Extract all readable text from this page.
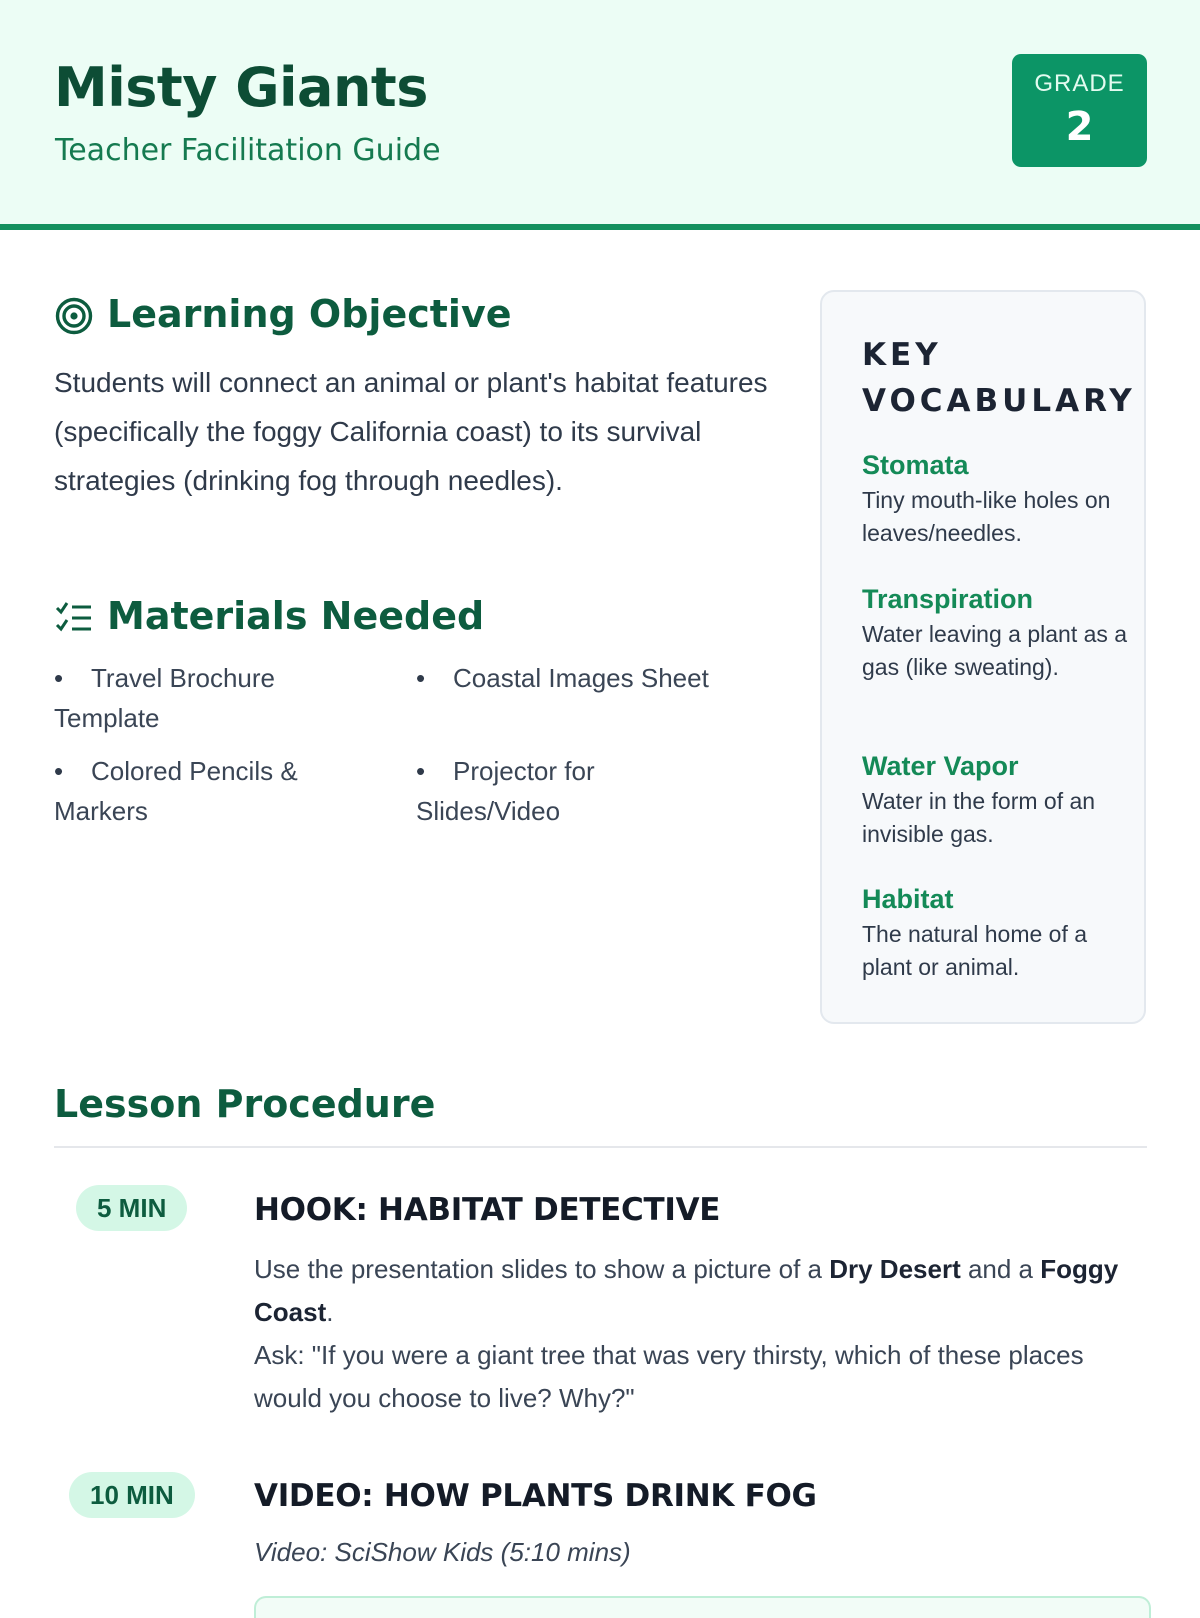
Misty Giants

Teacher Facilitation Guide

GRADE
2
Learning Objective

Students will connect an animal or plant's habitat features (specifically the foggy California coast) to its survival strategies (drinking fog through needles).

Materials Needed
• Travel Brochure Template
• Coastal Images Sheet
• Colored Pencils & Markers
• Projector for Slides/Video
KEY VOCABULARY
Stomata
Tiny mouth-like holes on leaves/needles.
Transpiration
Water leaving a plant as a gas (like sweating).
Water Vapor
Water in the form of an invisible gas.
Habitat
The natural home of a plant or animal.
Lesson Procedure
5 MIN	HOOK: HABITAT DETECTIVE

Use the presentation slides to show a picture of a Dry Desert and a Foggy Coast.
Ask: "If you were a giant tree that was very thirsty, which of these places would you choose to live? Why?"

10 MIN	VIDEO: HOW PLANTS DRINK FOG

Video: SciShow Kids (5:10 mins)
